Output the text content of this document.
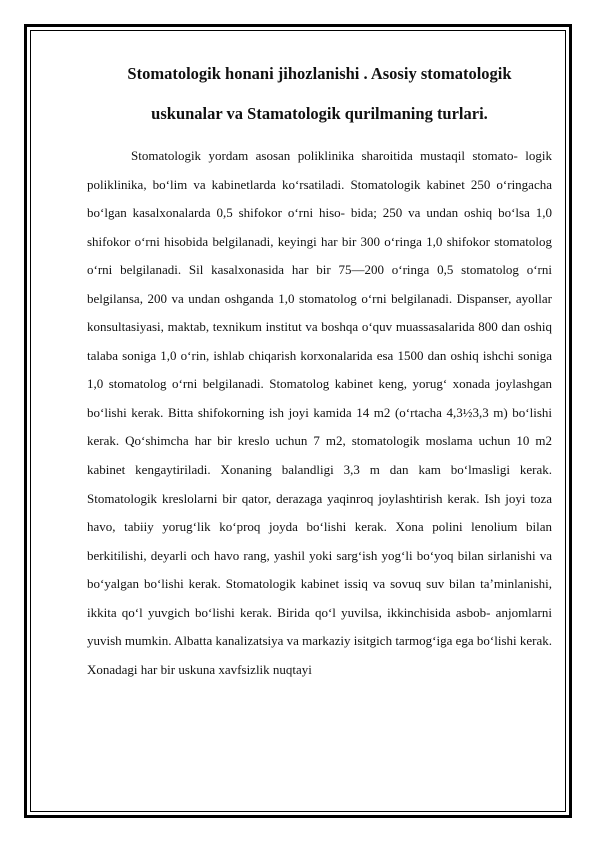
Stomatologik honani jihozlanishi . Asosiy stomatologik
uskunalar va Stamatologik qurilmaning turlari.

Stomatologik yordam asosan poliklinika sharoitida mustaqil stomato- logik poliklinika, bo‘lim va kabinetlarda ko‘rsatiladi. Stomatologik kabinet 250 o‘ringacha bo‘lgan kasalxonalarda 0,5 shifokor o‘rni hiso- bida; 250 va undan oshiq bo‘lsa 1,0 shifokor o‘rni hisobida belgilanadi, keyingi har bir 300 o‘ringa 1,0 shifokor stomatolog o‘rni belgilanadi. Sil kasalxonasida har bir 75—200 o‘ringa 0,5 stomatolog o‘rni belgilansa, 200 va undan oshganda 1,0 stomatolog o‘rni belgilanadi. Dispanser, ayollar konsultasiyasi, maktab, texnikum institut va boshqa o‘quv muassasalarida 800 dan oshiq talaba soniga 1,0 o‘rin, ishlab chiqarish korxonalarida esa 1500 dan oshiq ishchi soniga 1,0 stomatolog o‘rni belgilanadi. Stomatolog kabinet keng, yorug‘ xonada joylashgan bo‘lishi kerak. Bitta shifokorning ish joyi kamida 14 m2 (o‘rtacha 4,3½3,3 m) bo‘lishi kerak. Qo‘shimcha har bir kreslo uchun 7 m2, stomatologik moslama uchun 10 m2 kabinet kengaytiriladi. Xonaning balandligi 3,3 m dan kam bo‘lmasligi kerak. Stomatologik kreslolarni bir qator, derazaga yaqinroq joylashtirish kerak. Ish joyi toza havo, tabiiy yorug‘lik ko‘proq joyda bo‘lishi kerak. Xona polini lenolium bilan berkitilishi, deyarli och havo rang, yashil yoki sarg‘ish yog‘li bo‘yoq bilan sirlanishi va bo‘yalgan bo‘lishi kerak. Stomatologik kabinet issiq va sovuq suv bilan ta’minlanishi, ikkita qo‘l yuvgich bo‘lishi kerak. Birida qo‘l yuvilsa, ikkinchisida asbob- anjomlarni yuvish mumkin. Albatta kanalizatsiya va markaziy isitgich tarmog‘iga ega bo‘lishi kerak. Xonadagi har bir uskuna xavfsizlik nuqtayi
